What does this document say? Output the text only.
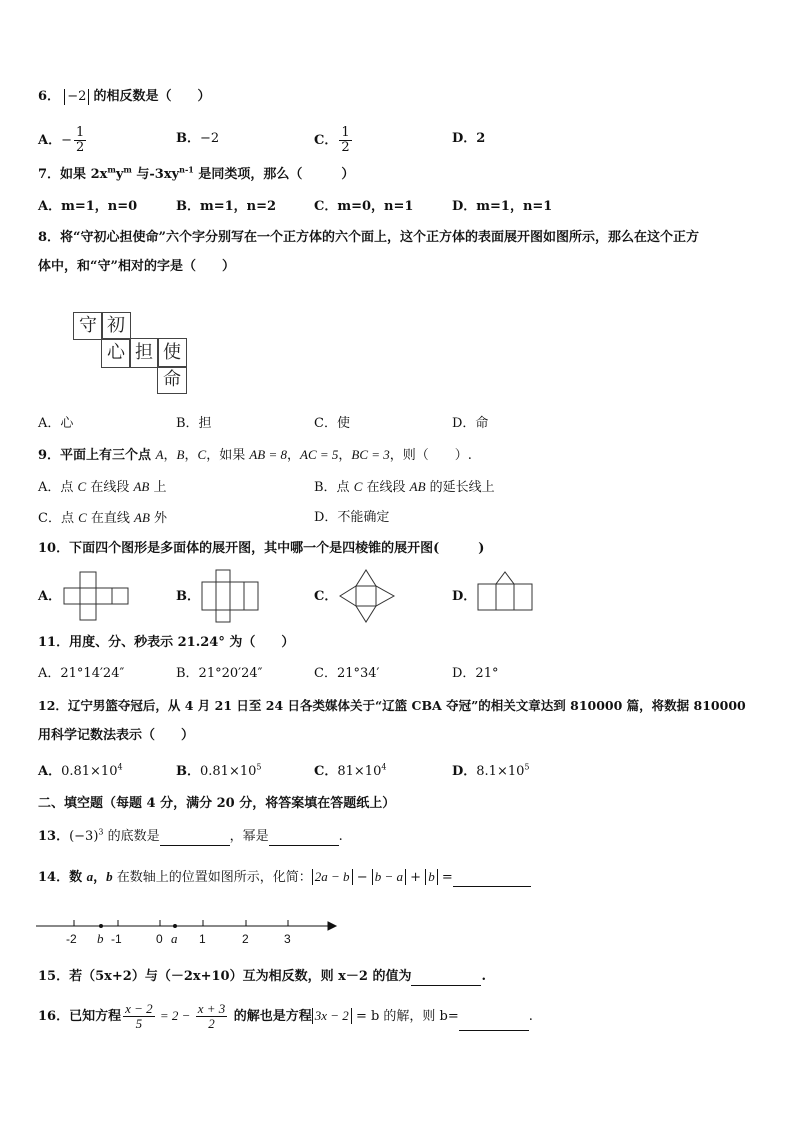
6． −2 的相反数是（　　）
A．− $\frac{1}{2}$	B．−2	C． $\frac{1}{2}$	D．2
7．如果 $2x^my^m$ 与$-3xy^{n-1}$ 是同类项，那么（　　　）
A．m=1，n=0	B．m=1，n=2	C．m=0，n=1	D．m=1，n=1
8．将“守初心担使命”六个字分别写在一个正方体的六个面上，这个正方体的表面展开图如图所示，那么在这个正方
体中，和“守”相对的字是（　　）
守 初
心 担 使
命
A．心	B．担	C．使	D．命
9．平面上有三个点 A，B，C，如果 AB = 8，AC = 5，BC = 3，则（　　）.
A．点 C 在线段 AB 上	B．点 C 在线段 AB 的延长线上
C．点 C 在直线 AB 外	D．不能确定
10．下面四个图形是多面体的展开图，其中哪一个是四棱锥的展开图(　　　)
A．	B．	C．	D．
11．用度、分、秒表示 21.24° 为（　　）
A．21°14′24″	B．21°20′24″	C．21°34′	D．21°
12．辽宁男篮夺冠后，从 4 月 21 日至 24 日各类媒体关于“辽篮 CBA 夺冠”的相关文章达到 810000 篇，将数据 810000
用科学记数法表示（　　）
A．$0.81\times 10^4$	B．$0.81\times 10^5$	C．$81\times 10^4$	D．$8.1\times 10^5$
二、填空题（每题 4 分，满分 20 分，将答案填在答题纸上）
13．$(-3)^3$ 的底数是	，幂是	.
14．数 a，b 在数轴上的位置如图所示，化简： 2a − b − b − a + b =
-2 b -1	0 a 1	2	3
15．若（5x+2）与（－2x+10）互为相反数，则 x－2 的值为	.
16．已知方程 $\frac{x - 2}{5} = 2 - \frac{x + 3}{2}$ 的解也是方程 3x − 2 = b 的解，则 b=	.
